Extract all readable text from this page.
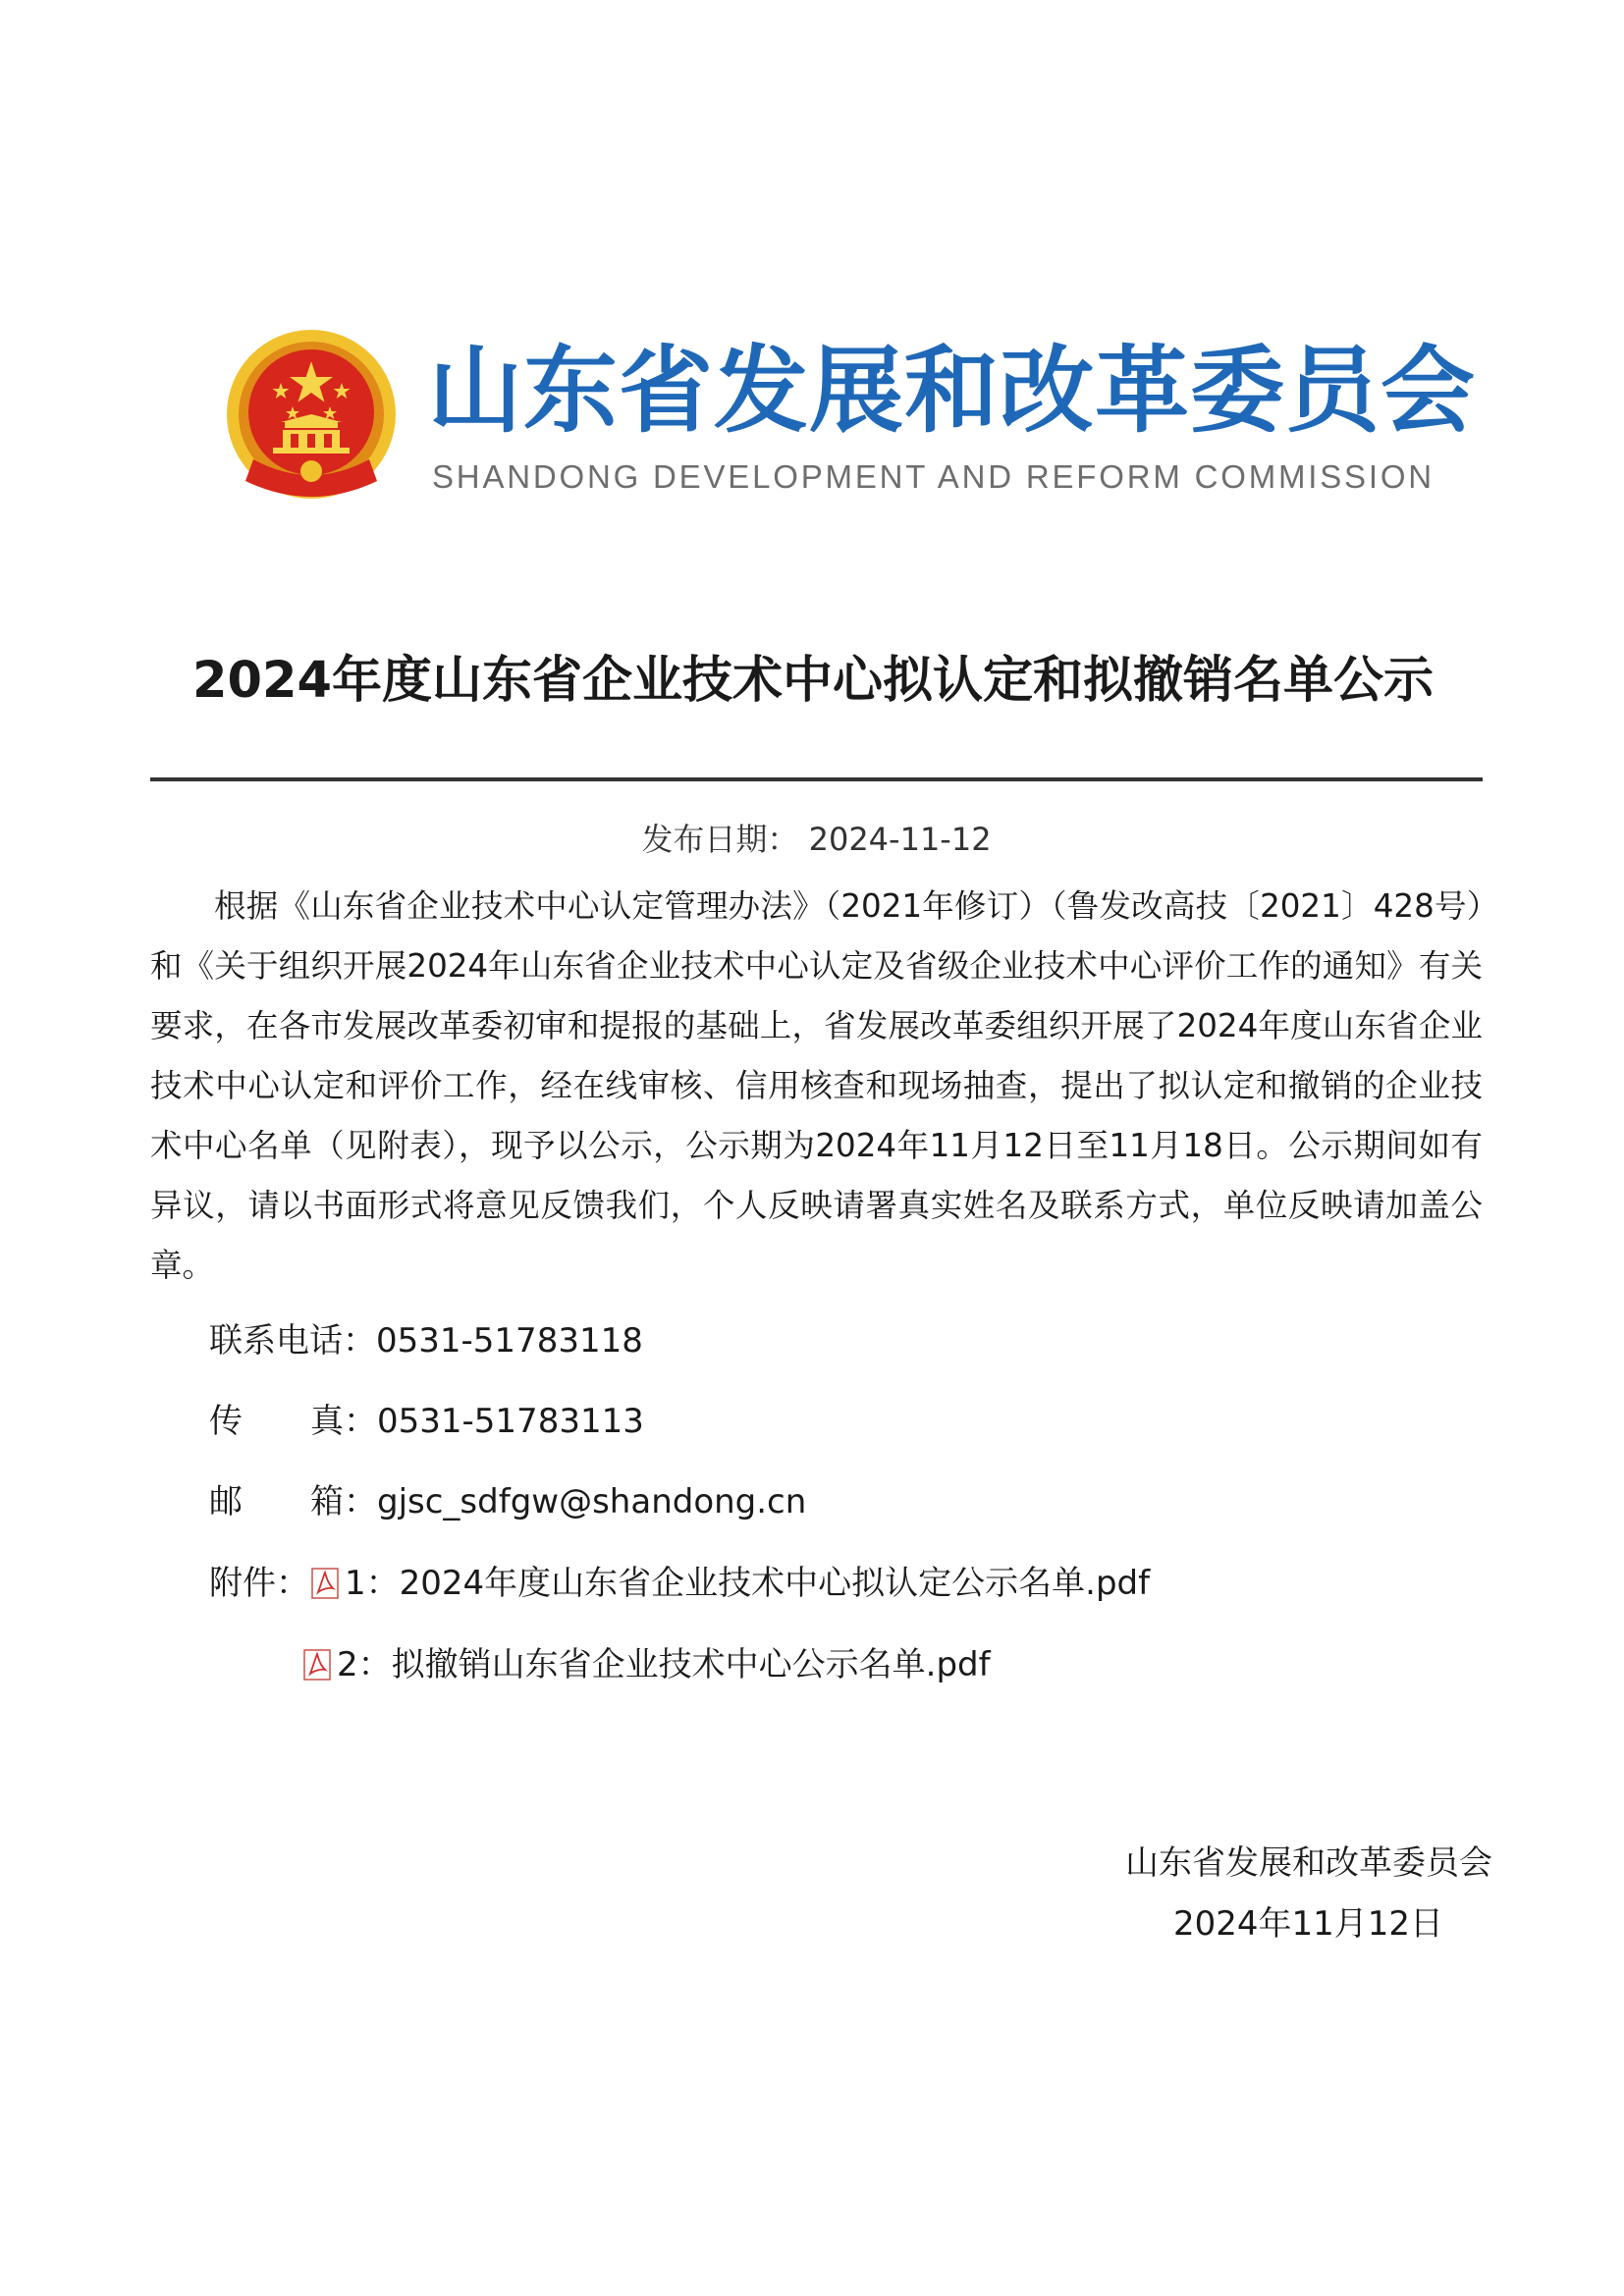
山东省发展和改革委员会
SHANDONG DEVELOPMENT AND REFORM COMMISSION
2024年度山东省企业技术中心拟认定和拟撤销名单公示
发布日期： 2024-11-12

根据《山东省企业技术中心认定管理办法》（2021年修订）（鲁发改高技〔2021〕428号）和《关于组织开展2024年山东省企业技术中心认定及省级企业技术中心评价工作的通知》有关要求，在各市发展改革委初审和提报的基础上，省发展改革委组织开展了2024年度山东省企业技术中心认定和评价工作，经在线审核、信用核查和现场抽查，提出了拟认定和撤销的企业技术中心名单（见附表），现予以公示，公示期为2024年11月12日至11月18日。公示期间如有异议，请以书面形式将意见反馈我们，个人反映请署真实姓名及联系方式，单位反映请加盖公章。

联系电话：0531-51783118
传真：0531-51783113
邮箱：gjsc_sdfgw@shandong.cn
附件： 1：2024年度山东省企业技术中心拟认定公示名单.pdf
2：拟撤销山东省企业技术中心公示名单.pdf
山东省发展和改革委员会
2024年11月12日
